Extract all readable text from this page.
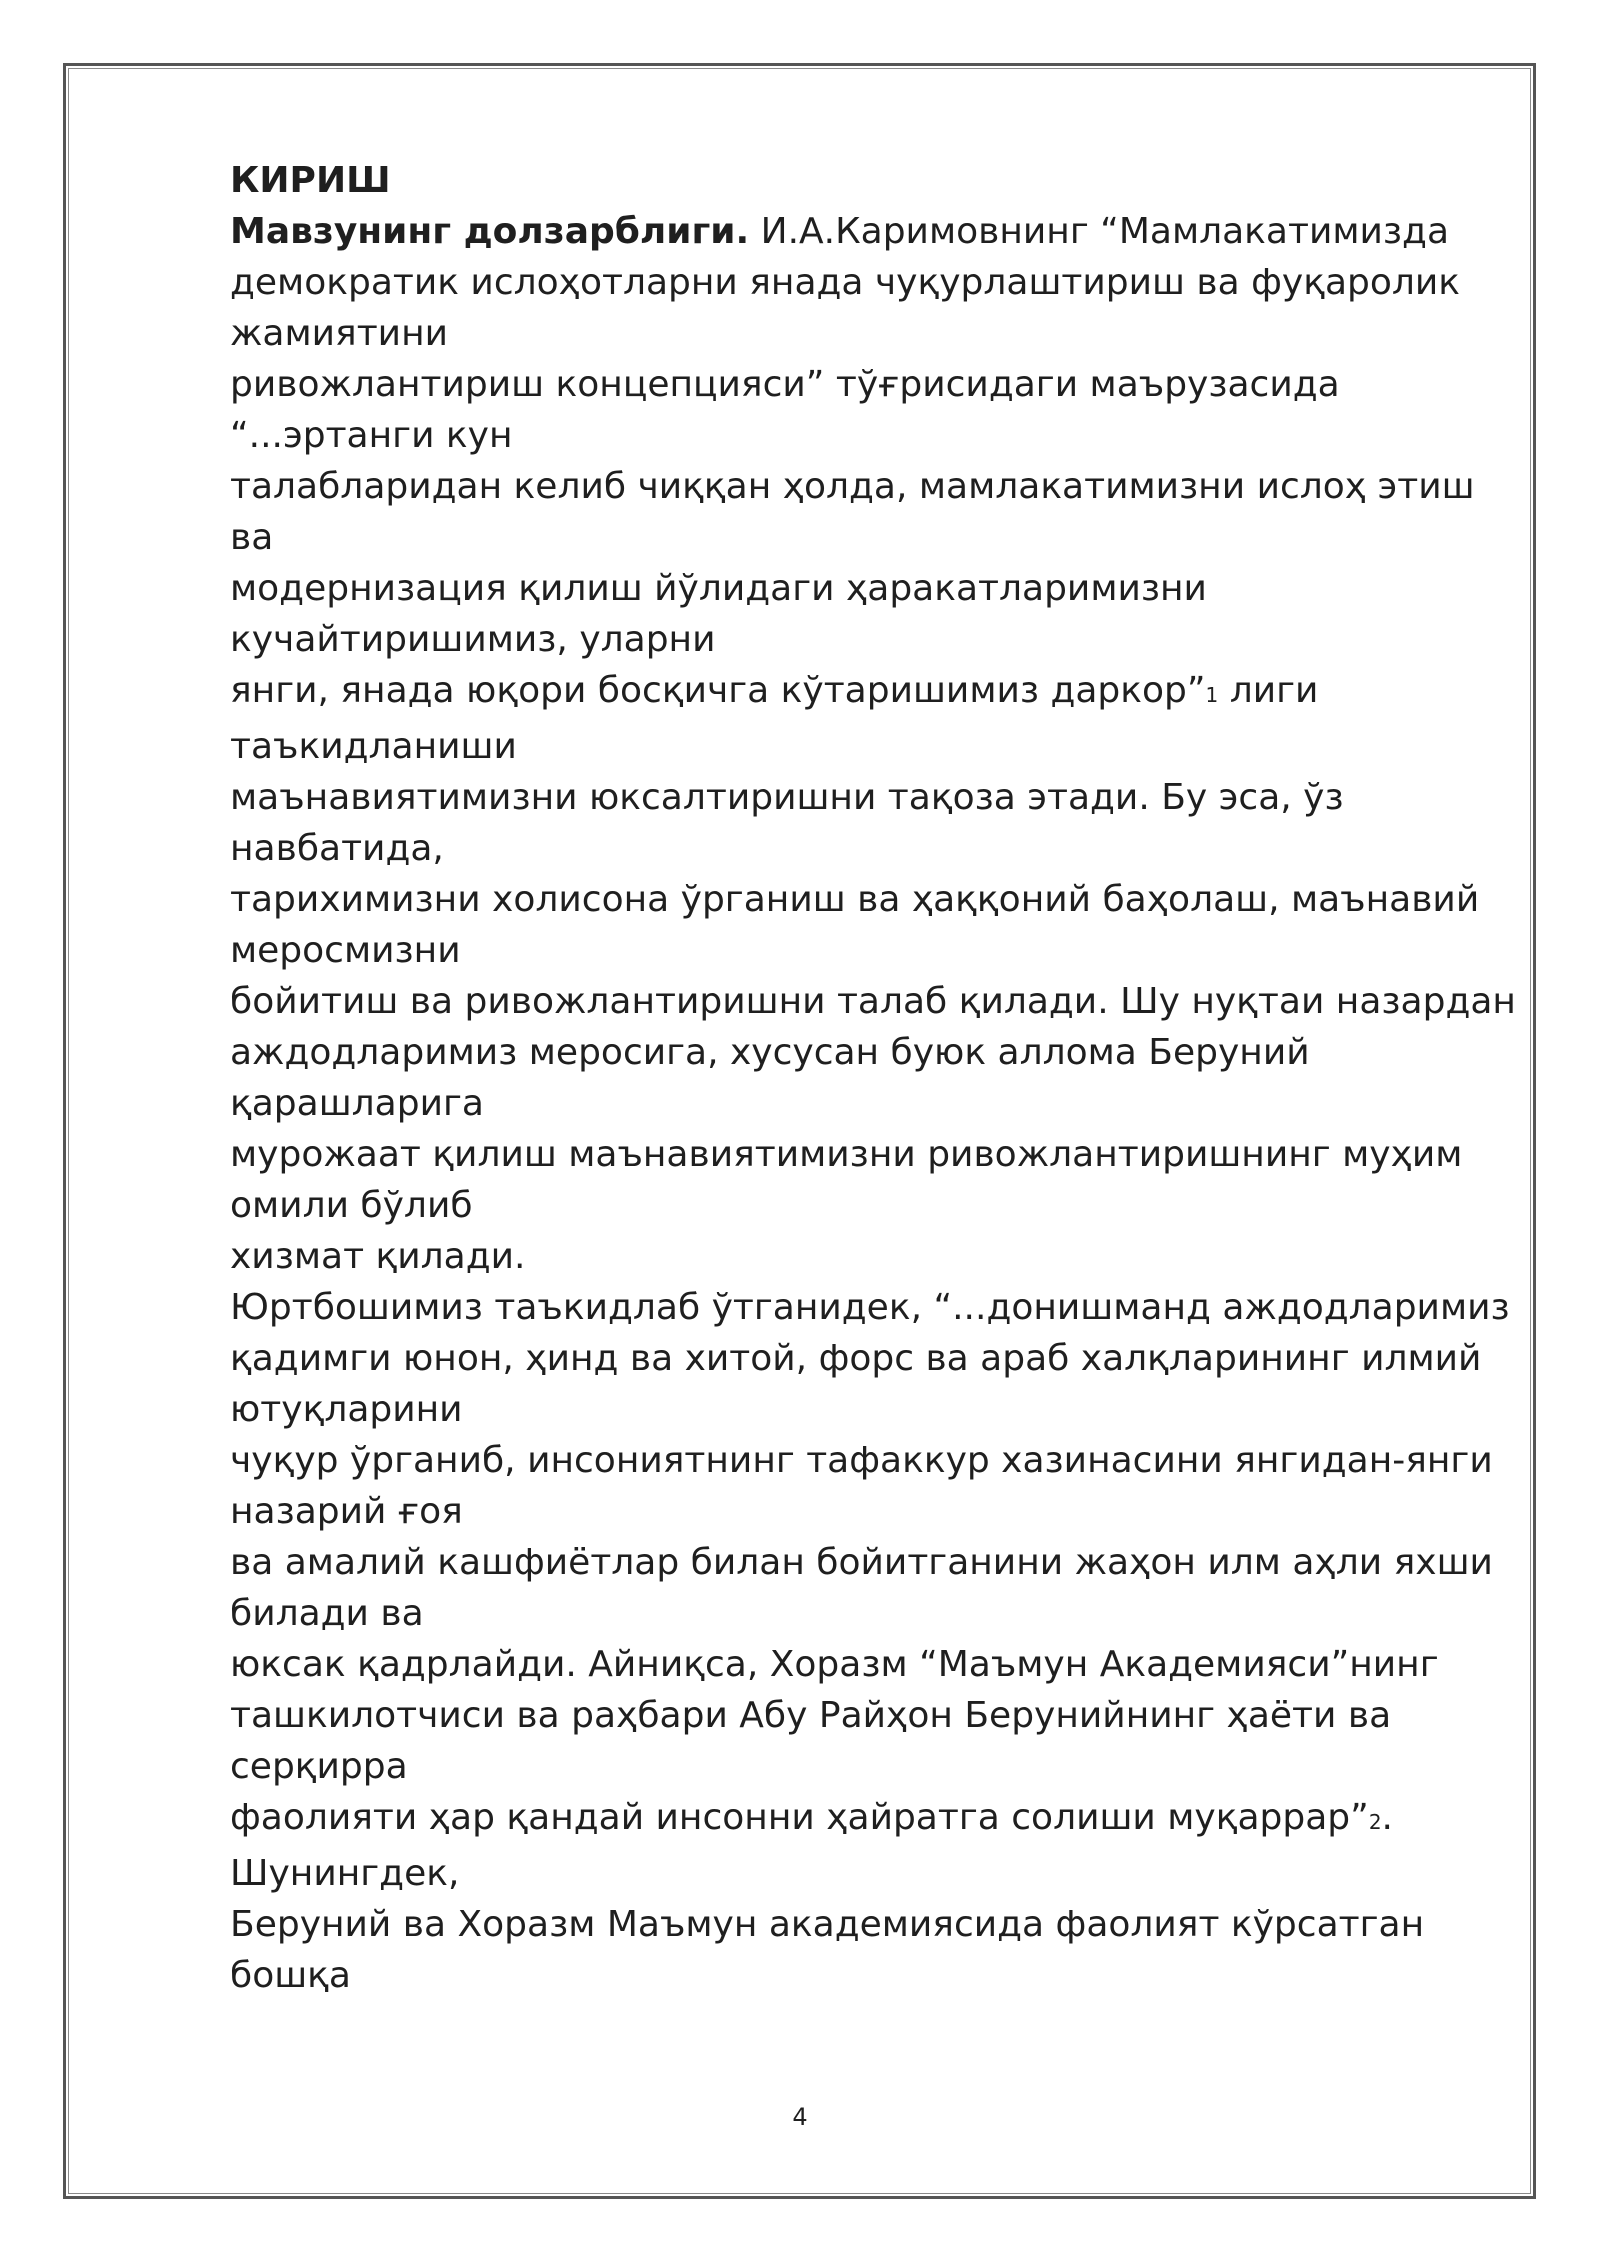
КИРИШ
Мавзунинг долзарблиги. И.А.Каримовнинг “Мамлакатимизда
демократик ислоҳотларни янада чуқурлаштириш ва фуқаролик
жамиятини
ривожлантириш концепцияси” тўғрисидаги маърузасида
“...эртанги кун
талабларидан келиб чиққан ҳолда, мамлакатимизни ислоҳ этиш
ва
модернизация қилиш йўлидаги ҳаракатларимизни
кучайтиришимиз, уларни
янги, янада юқори босқичга кўтаришимиз даркор”1 лиги
таъкидланиши
маънавиятимизни юксалтиришни тақоза этади. Бу эса, ўз
навбатида,
тарихимизни холисона ўрганиш ва ҳаққоний баҳолаш, маънавий
меросмизни
бойитиш ва ривожлантиришни талаб қилади. Шу нуқтаи назардан
аждодларимиз меросига, хусусан буюк аллома Беруний
қарашларига
мурожаат қилиш маънавиятимизни ривожлантиришнинг муҳим
омили бўлиб
хизмат қилади.
Юртбошимиз таъкидлаб ўтганидек, “...донишманд аждодларимиз
қадимги юнон, ҳинд ва хитой, форс ва араб халқларининг илмий
ютуқларини
чуқур ўрганиб, инсониятнинг тафаккур хазинасини янгидан-янги
назарий ғоя
ва амалий кашфиётлар билан бойитганини жаҳон илм аҳли яхши
билади ва
юксак қадрлайди. Айниқса, Хоразм “Маъмун Академияси”нинг
ташкилотчиси ва раҳбари Абу Райҳон Берунийнинг ҳаёти ва
серқирра
фаолияти ҳар қандай инсонни ҳайратга солиши муқаррар”2.
Шунингдек,
Беруний ва Хоразм Маъмун академиясида фаолият кўрсатган
бошқа
4
